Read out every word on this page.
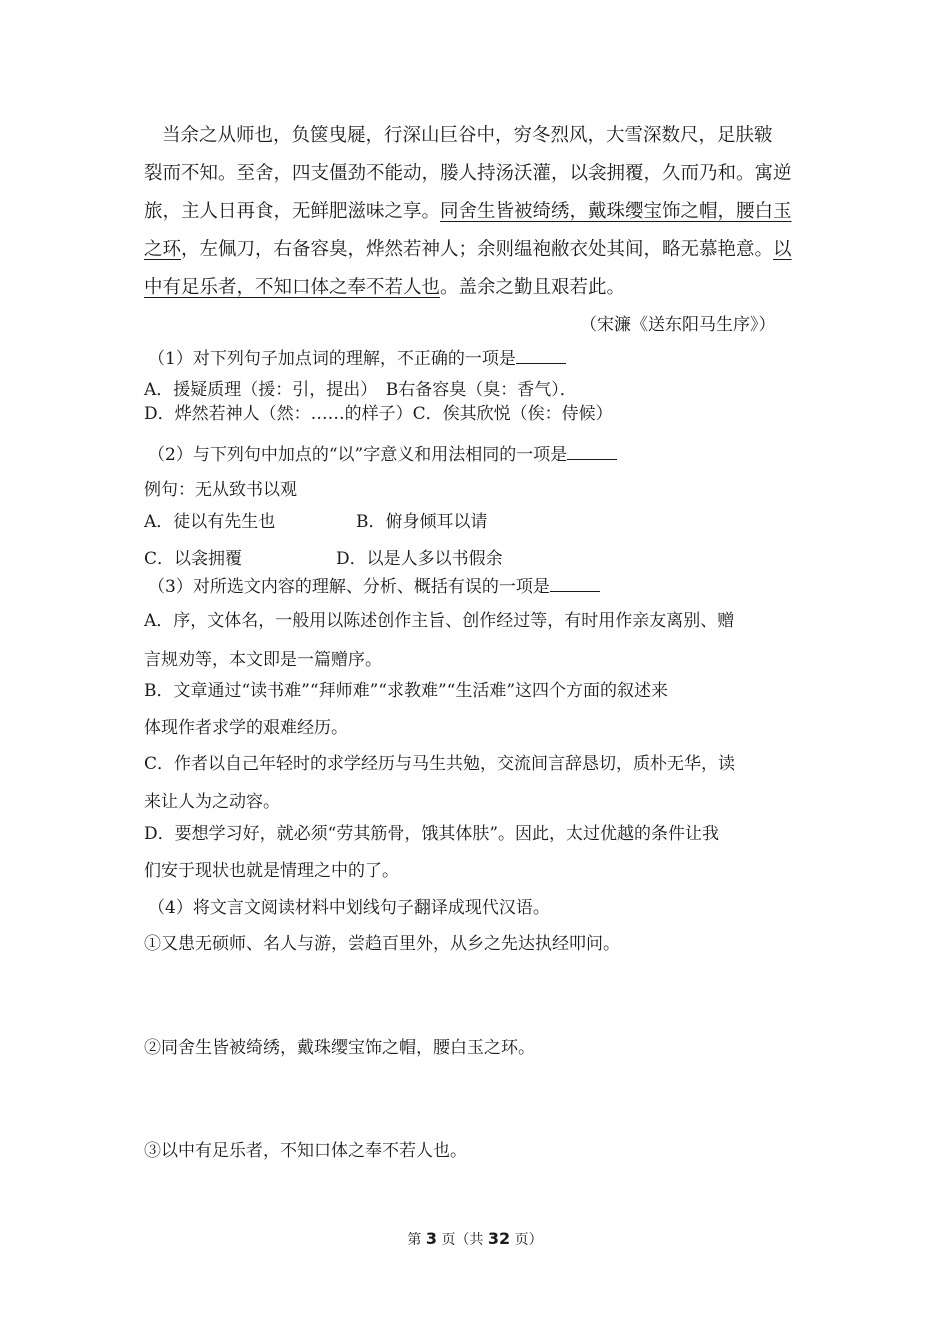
当余之从师也，负箧曳屣，行深山巨谷中，穷冬烈风，大雪深数尺，足肤皲
裂而不知。至舍，四支僵劲不能动，媵人持汤沃灌，以衾拥覆，久而乃和。寓逆
旅，主人日再食，无鲜肥滋味之享。同舍生皆被绮绣，戴珠缨宝饰之帽，腰白玉
之环，左佩刀，右备容臭，烨然若神人；余则缊袍敝衣处其间，略无慕艳意。以
中有足乐者，不知口体之奉不若人也。盖余之勤且艰若此。
（宋濂《送东阳马生序》）
（1）对下列句子加点词的理解，不正确的一项是
A．援疑质理（援：引，提出）　B右备容臭（臭：香气）．
D．烨然若神人（然：……的样子）C．俟其欣悦（俟：侍候）
（2）与下列句中加点的“以”字意义和用法相同的一项是
例句：无从致书以观
A．徒以有先生也	B．俯身倾耳以请
C．以衾拥覆	D．以是人多以书假余
（3）对所选文内容的理解、分析、概括有误的一项是
A．序，文体名，一般用以陈述创作主旨、创作经过等，有时用作亲友离别、赠
言规劝等，本文即是一篇赠序。
B．文章通过“读书难”“拜师难”“求教难”“生活难”这四个方面的叙述来
体现作者求学的艰难经历。
C．作者以自己年轻时的求学经历与马生共勉，交流间言辞恳切，质朴无华，读
来让人为之动容。
D．要想学习好，就必须“劳其筋骨，饿其体肤”。因此，太过优越的条件让我
们安于现状也就是情理之中的了。
（4）将文言文阅读材料中划线句子翻译成现代汉语。
①又患无硕师、名人与游，尝趋百里外，从乡之先达执经叩问。
②同舍生皆被绮绣，戴珠缨宝饰之帽，腰白玉之环。
③以中有足乐者，不知口体之奉不若人也。
第 3 页（共 32 页）
